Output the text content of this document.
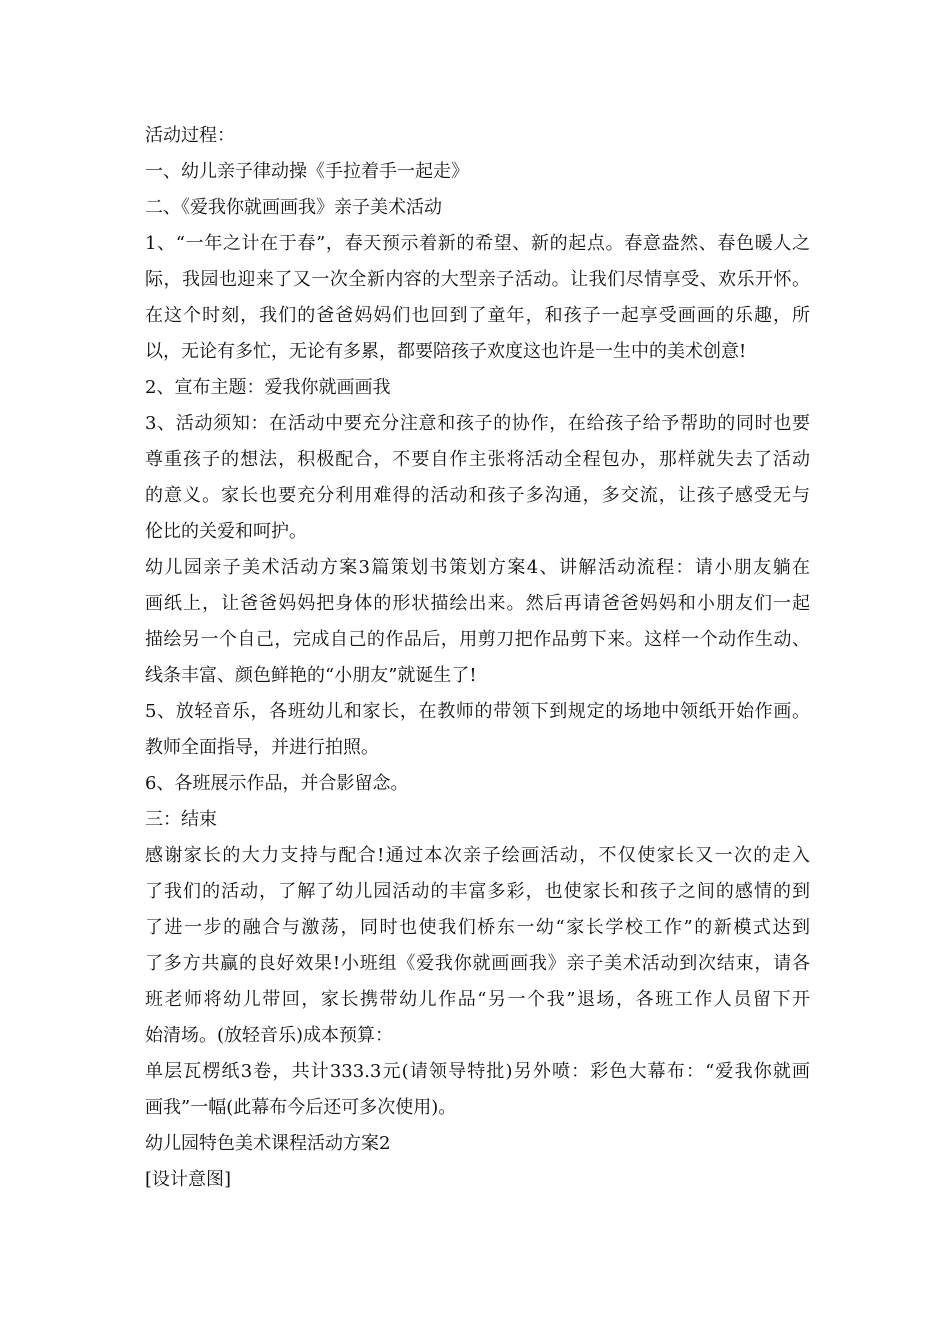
活动过程：
一、幼儿亲子律动操《手拉着手一起走》
二、《爱我你就画画我》亲子美术活动
1、“一年之计在于春”，春天预示着新的希望、新的起点。春意盎然、春色暖人之
际，我园也迎来了又一次全新内容的大型亲子活动。让我们尽情享受、欢乐开怀。
在这个时刻，我们的爸爸妈妈们也回到了童年，和孩子一起享受画画的乐趣，所
以，无论有多忙，无论有多累，都要陪孩子欢度这也许是一生中的美术创意!
2、宣布主题：爱我你就画画我
3、活动须知：在活动中要充分注意和孩子的协作，在给孩子给予帮助的同时也要
尊重孩子的想法，积极配合，不要自作主张将活动全程包办，那样就失去了活动
的意义。家长也要充分利用难得的活动和孩子多沟通，多交流，让孩子感受无与
伦比的关爱和呵护。
幼儿园亲子美术活动方案3篇策划书策划方案4、讲解活动流程：请小朋友躺在
画纸上，让爸爸妈妈把身体的形状描绘出来。然后再请爸爸妈妈和小朋友们一起
描绘另一个自己，完成自己的作品后，用剪刀把作品剪下来。这样一个动作生动、
线条丰富、颜色鲜艳的“小朋友”就诞生了!
5、放轻音乐，各班幼儿和家长，在教师的带领下到规定的场地中领纸开始作画。
教师全面指导，并进行拍照。
6、各班展示作品，并合影留念。
三：结束
感谢家长的大力支持与配合!通过本次亲子绘画活动，不仅使家长又一次的走入
了我们的活动，了解了幼儿园活动的丰富多彩，也使家长和孩子之间的感情的到
了进一步的融合与激荡，同时也使我们桥东一幼“家长学校工作”的新模式达到
了多方共赢的良好效果!小班组《爱我你就画画我》亲子美术活动到次结束，请各
班老师将幼儿带回，家长携带幼儿作品“另一个我”退场，各班工作人员留下开
始清场。(放轻音乐)成本预算：
单层瓦楞纸3卷，共计333.3元(请领导特批)另外喷：彩色大幕布：“爱我你就画
画我”一幅(此幕布今后还可多次使用)。
幼儿园特色美术课程活动方案2
[设计意图]
